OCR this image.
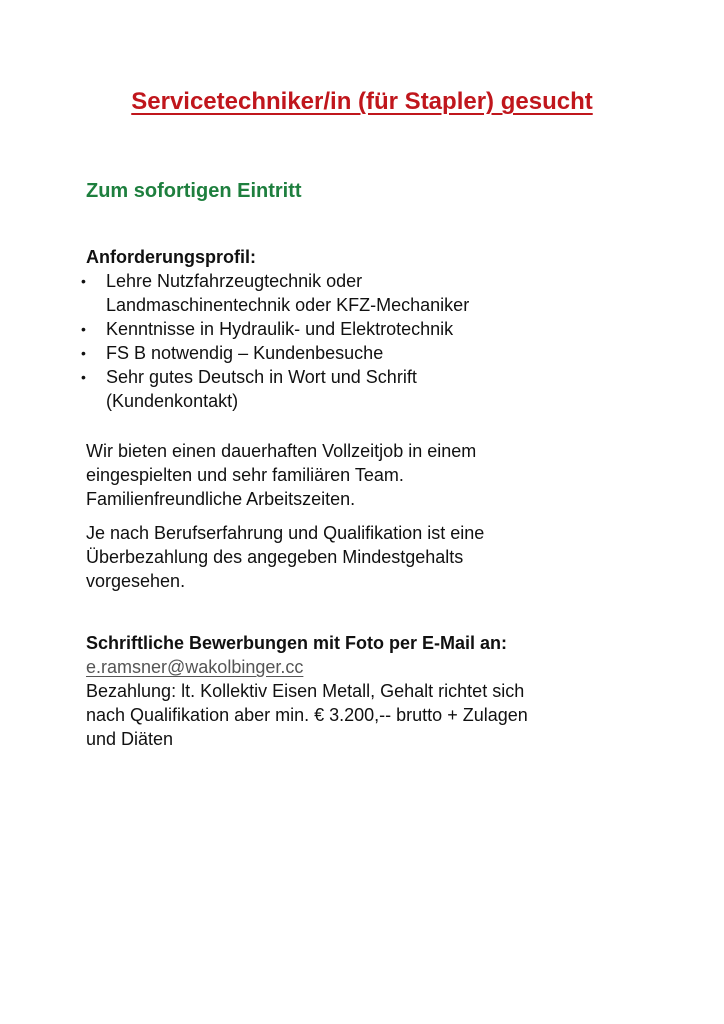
Servicetechniker/in (für Stapler) gesucht
Zum sofortigen Eintritt

Anforderungsprofil:

• Lehre Nutzfahrzeugtechnik oder
Landmaschinentechnik oder KFZ-Mechaniker
• Kenntnisse in Hydraulik- und Elektrotechnik
• FS B notwendig – Kundenbesuche
• Sehr gutes Deutsch in Wort und Schrift
(Kundenkontakt)

Wir bieten einen dauerhaften Vollzeitjob in einem
eingespielten und sehr familiären Team.
Familienfreundliche Arbeitszeiten.

Je nach Berufserfahrung und Qualifikation ist eine
Überbezahlung des angegeben Mindestgehalts
vorgesehen.

Schriftliche Bewerbungen mit Foto per E-Mail an:

e.ramsner@wakolbinger.cc
Bezahlung: lt. Kollektiv Eisen Metall, Gehalt richtet sich
nach Qualifikation aber min. € 3.200,-- brutto + Zulagen
und Diäten
